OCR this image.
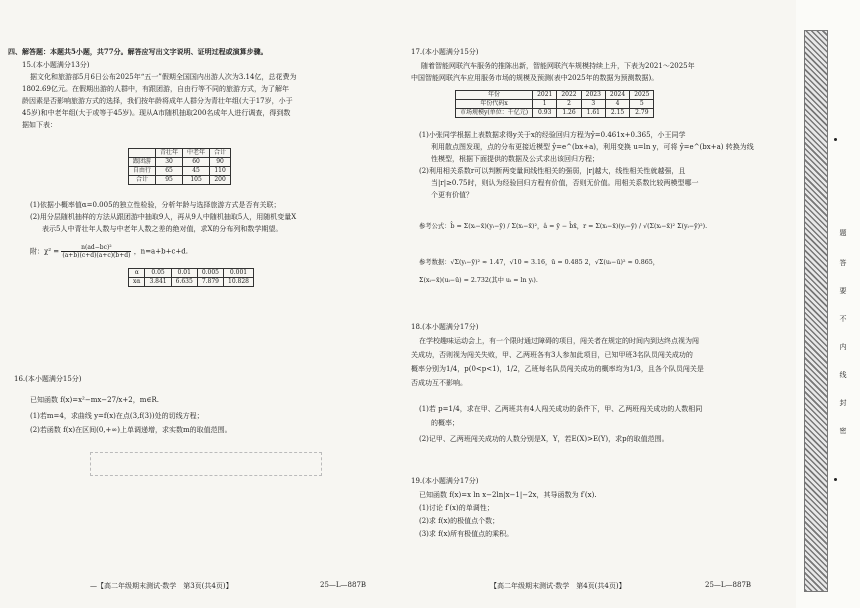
四、解答题：本题共5小题，共77分。解答应写出文字说明、证明过程或演算步骤。
15.(本小题满分13分)
据文化和旅游部5月6日公布2025年“五一”假期全国国内出游人次为3.14亿，总花费为
1802.69亿元。在假期出游的人群中，有跟团游，自由行等不同的旅游方式，为了解年
龄因素是否影响旅游方式的选择，我们按年龄将成年人群分为青壮年组(大于17岁，小于
45岁)和中老年组(大于或等于45岁)。现从A市随机抽取200名成年人进行调查，得到数
据如下表：
	青壮年	中老年	合计
跟团游	30	60	90
自由行	65	45	110
合计	95	105	200
(1)依据小概率值α=0.005的独立性检验，分析年龄与选择旅游方式是否有关联；
(2)用分层随机抽样的方法从跟团游中抽取9人，再从9人中随机抽取5人，用随机变量X
表示5人中青壮年人数与中老年人数之差的绝对值，求X的分布列和数学期望。
附：$\chi^2 = \frac{\text{n(ad−bc)²}}{(a+b)(c+d)(a+c)(b+d)}$ ，n=a+b+c+d.
α	0.05	0.01	0.005	0.001
xα	3.841	6.635	7.879	10.828
16.(本小题满分15分)
已知函数 f(x)=x²−mx−27/x+2，m∈R.
(1)若m=4，求曲线 y=f(x)在点(3,f(3))处的切线方程；
(2)若函数 f(x)在区间(0,+∞)上单调递增，求实数m的取值范围。
—【高二年级期末测试·数学　第3页(共4页)】	25—L—887B
17.(本小题满分15分)
随着智能网联汽车服务的推陈出新，智能网联汽车规模持续上升，下表为2021～2025年
中国智能网联汽车应用服务市场的规模及预测(表中2025年的数据为预测数据)。
年份	2021	2022	2023	2024	2025
年份代码x	1	2	3	4	5
市场规模y(单位：千亿元)	0.93	1.26	1.61	2.15	2.79
(1)小张同学根据上表数据求得y关于x的经验回归方程为ŷ=0.461x+0.365，小王同学
利用散点图发现，点的分布更接近模型 ŷ=e^(bx+a)，利用变换 u=ln y，可将 ŷ=e^(bx+a) 转换为线
性模型，根据下面提供的数据及公式求出该回归方程；
(2)利用相关系数r可以判断两变量间线性相关的强弱，|r|越大，线性相关性就越强，且
当|r|≥0.75时，则认为经验回归方程有价值，否则无价值。用相关系数比较两模型哪一
个更有价值？
参考公式：b̂ = Σ(xᵢ−x̄)(yᵢ−ȳ) / Σ(xᵢ−x̄)²，â = ȳ − b̂x̄，r = Σ(xᵢ−x̄)(yᵢ−ȳ) / √(Σ(xᵢ−x̄)² Σ(yᵢ−ȳ)²).
参考数据：√Σ(yᵢ−ȳ)² ≈ 1.47，√10 ≈ 3.16，ū = 0.485 2，√Σ(uᵢ−ū)² ≈ 0.865，
Σ(xᵢ−x̄)(uᵢ−ū) = 2.732(其中 uᵢ = ln yᵢ).
18.(本小题满分17分)
在学校趣味运动会上，有一个限时通过障碍的项目，闯关者在规定的时间内到达终点视为闯
关成功，否则视为闯关失败，甲、乙两班各有3人参加此项目，已知甲班3名队员闯关成功的
概率分别为1/4，p(0<p<1)，1/2，乙班每名队员闯关成功的概率均为1/3，且各个队员闯关是
否成功互不影响。
(1)若 p=1/4，求在甲、乙两班共有4人闯关成功的条件下，甲、乙两班闯关成功的人数相同
的概率；
(2)记甲、乙两班闯关成功的人数分别是X，Y，若E(X)>E(Y)，求p的取值范围。
19.(本小题满分17分)
已知函数 f(x)=x ln x−2ln|x−1|−2x，其导函数为 f′(x).
(1)讨论 f′(x)的单调性；
(2)求 f(x)的极值点个数；
(3)求 f(x)所有极值点的乘积。
【高二年级期末测试·数学　第4页(共4页)】	25—L—887B
题
答
要
不
内
线
封
密
